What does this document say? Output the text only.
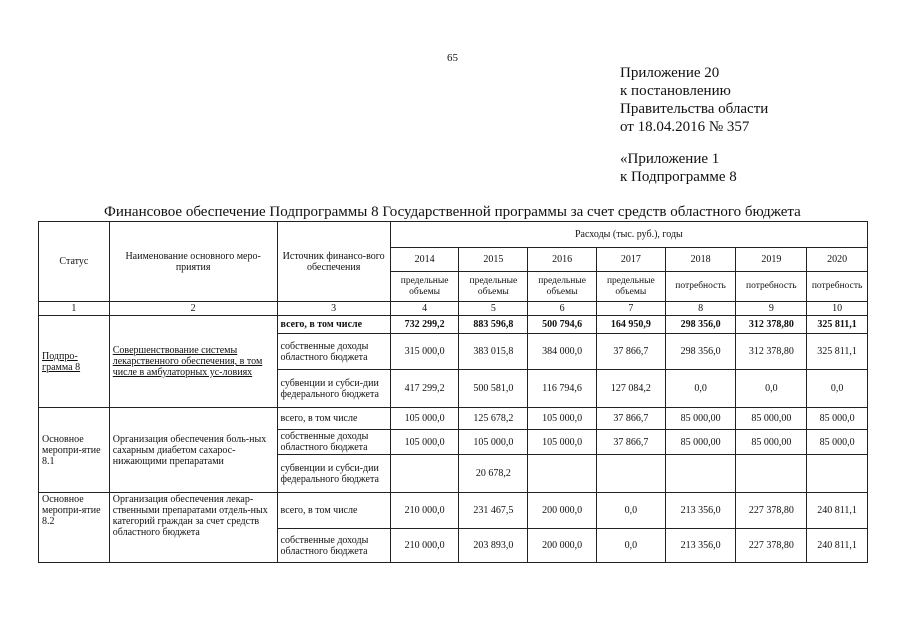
65
Приложение 20
к постановлению
Правительства области
от 18.04.2016 № 357
«Приложение 1
к Подпрограмме 8
Финансовое обеспечение Подпрограммы 8 Государственной программы за счет средств областного бюджета
Статус	Наименование основного меро-приятия	Источник финансо-вого обеспечения	Расходы (тыс. руб.), годы						
			2014	2015	2016	2017	2018	2019	2020
			предельные объемы	предельные объемы	предельные объемы	предельные объемы	потребность	потребность	потребность
1	2	3	4	5	6	7	8	9	10
Подпро-грамма 8	Совершенствование системы лекарственного обеспечения, в том числе в амбулаторных ус-ловиях	всего, в том числе	732 299,2	883 596,8	500 794,6	164 950,9	298 356,0	312 378,80	325 811,1
		собственные доходы областного бюджета	315 000,0	383 015,8	384 000,0	37 866,7	298 356,0	312 378,80	325 811,1
		субвенции и субси-дии федерального бюджета	417 299,2	500 581,0	116 794,6	127 084,2	0,0	0,0	0,0
Основное меропри-ятие 8.1	Организация обеспечения боль-ных сахарным диабетом сахарос-нижающими препаратами	всего, в том числе	105 000,0	125 678,2	105 000,0	37 866,7	85 000,00	85 000,00	85 000,0
		собственные доходы областного бюджета	105 000,0	105 000,0	105 000,0	37 866,7	85 000,00	85 000,00	85 000,0
		субвенции и субси-дии федерального бюджета		20 678,2					
Основное меропри-ятие 8.2	Организация обеспечения лекар-ственными препаратами отдель-ных категорий граждан за счет средств областного бюджета	всего, в том числе	210 000,0	231 467,5	200 000,0	0,0	213 356,0	227 378,80	240 811,1
		собственные доходы областного бюджета	210 000,0	203 893,0	200 000,0	0,0	213 356,0	227 378,80	240 811,1
